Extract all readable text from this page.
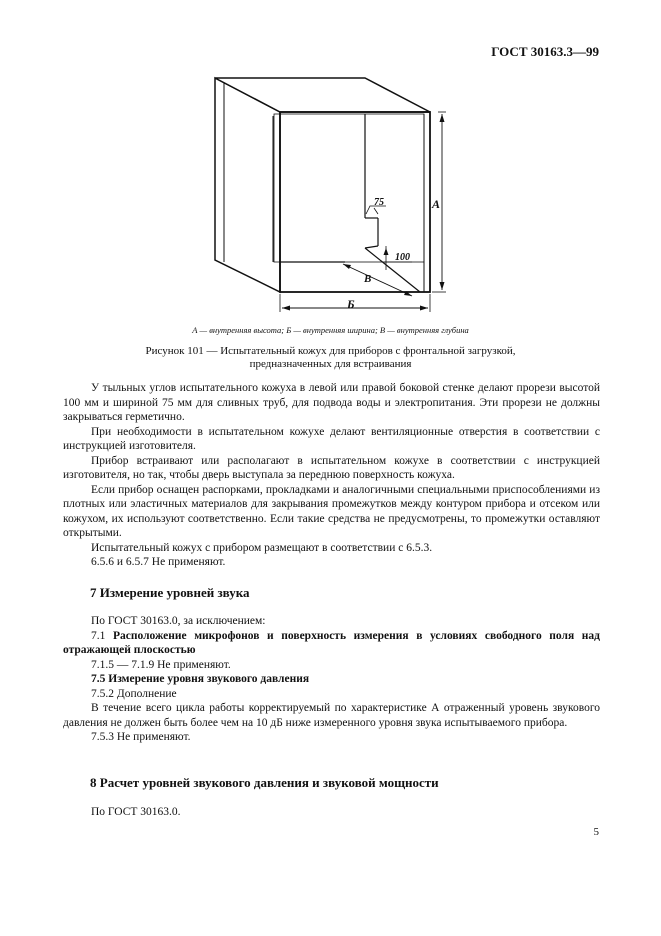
ГОСТ 30163.3—99
А
Б
В
75
100
А — внутренняя высота; Б — внутренняя ширина; В — внутренняя глубина
Рисунок 101 — Испытательный кожух для приборов с фронтальной загрузкой,
предназначенных для встраивания

У тыльных углов испытательного кожуха в левой или правой боковой стенке делают прорези высотой 100 мм и шириной 75 мм для сливных труб, для подвода воды и электропитания. Эти прорези не должны закрываться герметично.

При необходимости в испытательном кожухе делают вентиляционные отверстия в соответствии с инструкцией изготовителя.

Прибор встраивают или располагают в испытательном кожухе в соответствии с инструкцией изготовителя, но так, чтобы дверь выступала за переднюю поверхность кожуха.

Если прибор оснащен распорками, прокладками и аналогичными специальными приспособлениями из плотных или эластичных материалов для закрывания промежутков между контуром прибора и отсеком или кожухом, их используют соответственно. Если такие средства не предусмотрены, то промежутки оставляют открытыми.

Испытательный кожух с прибором размещают в соответствии с 6.5.3.

6.5.6 и 6.5.7 Не применяют.

7 Измерение уровней звука

По ГОСТ 30163.0, за исключением:

7.1 Расположение микрофонов и поверхность измерения в условиях свободного поля над отражающей плоскостью

7.1.5 — 7.1.9 Не применяют.

7.5 Измерение уровня звукового давления

7.5.2 Дополнение

В течение всего цикла работы корректируемый по характеристике А отраженный уровень звукового давления не должен быть более чем на 10 дБ ниже измеренного уровня звука испытываемого прибора.

7.5.3 Не применяют.

8 Расчет уровней звукового давления и звуковой мощности

По ГОСТ 30163.0.

5
